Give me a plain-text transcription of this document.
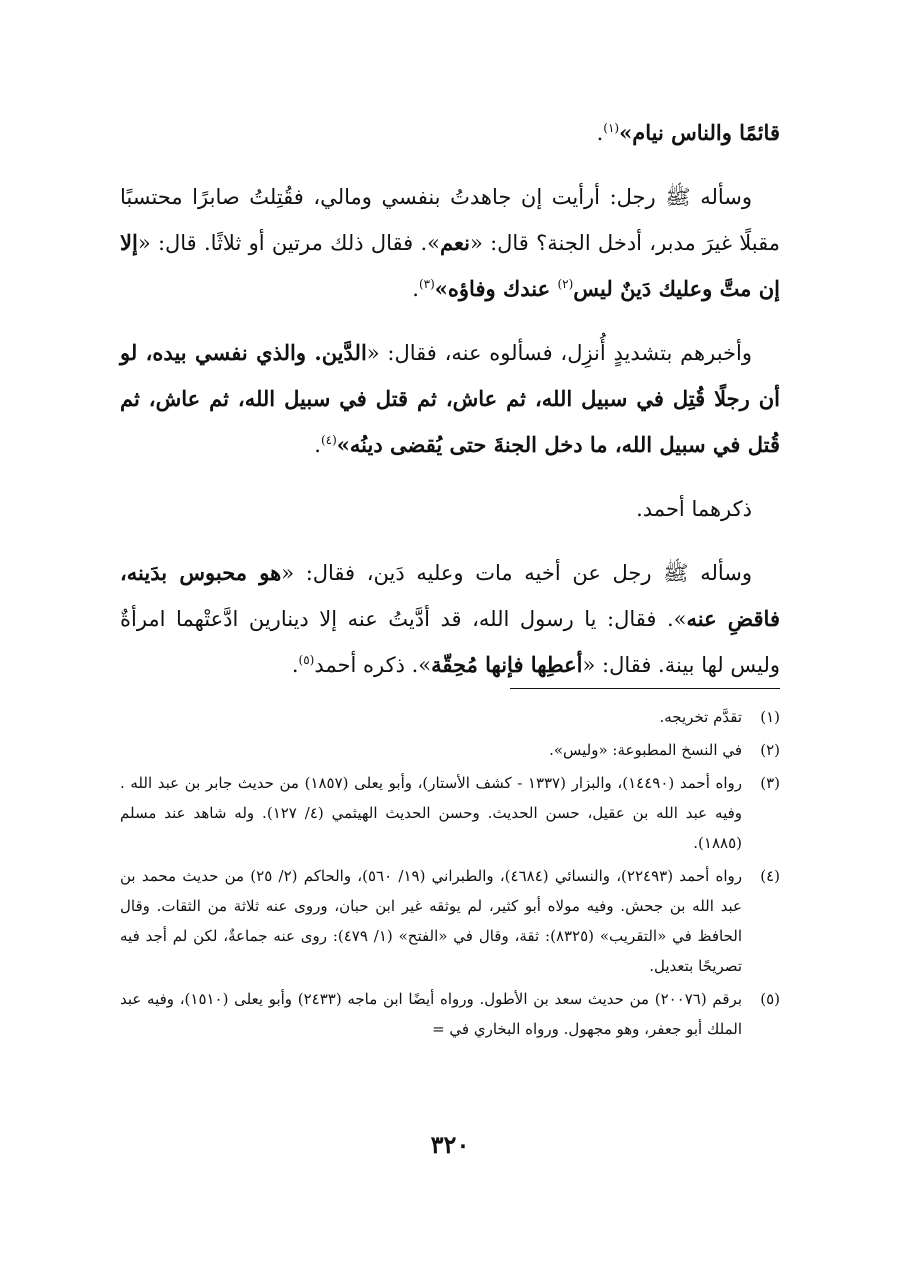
قائمًا والناس نيام»$^{(١)}$.

وسأله ﷺ رجل: أرأيت إن جاهدتُ بنفسي ومالي، فقُتِلتُ صابرًا محتسبًا مقبلًا غيرَ مدبر، أدخل الجنة؟ قال: «نعم». فقال ذلك مرتين أو ثلاثًا. قال: «إلا إن متَّ وعليك دَينٌ ليس$^{(٢)}$ عندك وفاؤه»$^{(٣)}$.

وأخبرهم بتشديدٍ أُنزِل، فسألوه عنه، فقال: «الدَّين. والذي نفسي بيده، لو أن رجلًا قُتِل في سبيل الله، ثم عاش، ثم قتل في سبيل الله، ثم عاش، ثم قُتل في سبيل الله، ما دخل الجنةَ حتى يُقضى دينُه»$^{(٤)}$.

ذكرهما أحمد.

وسأله ﷺ رجل عن أخيه مات وعليه دَين، فقال: «هو محبوس بدَينه، فاقضِ عنه». فقال: يا رسول الله، قد أدَّيتُ عنه إلا دينارين ادَّعتْهما امرأةٌ وليس لها بينة. فقال: «أعطِها فإنها مُحِقّة». ذكره أحمد$^{(٥)}$.

(١)
تقدَّم تخريجه.
(٢)
في النسخ المطبوعة: «وليس».
(٣)
رواه أحمد (١٤٤٩٠)، والبزار (١٣٣٧ - كشف الأستار)، وأبو يعلى (١٨٥٧) من حديث جابر بن عبد الله . وفيه عبد الله بن عقيل، حسن الحديث. وحسن الحديث الهيثمي (٤/ ١٢٧). وله شاهد عند مسلم (١٨٨٥).
(٤)
رواه أحمد (٢٢٤٩٣)، والنسائي (٤٦٨٤)، والطبراني (١٩/ ٥٦٠)، والحاكم (٢/ ٢٥) من حديث محمد بن عبد الله بن جحش. وفيه مولاه أبو كثير، لم يوثقه غير ابن حبان، وروى عنه ثلاثة من الثقات. وقال الحافظ في «التقريب» (٨٣٢٥): ثقة، وقال في «الفتح» (١/ ٤٧٩): روى عنه جماعةٌ، لكن لم أجد فيه تصريحًا بتعديل.
(٥)
برقم (٢٠٠٧٦) من حديث سعد بن الأطول. ورواه أيضًا ابن ماجه (٢٤٣٣) وأبو يعلى (١٥١٠)، وفيه عبد الملك أبو جعفر، وهو مجهول. ورواه البخاري في =
٣٢٠
